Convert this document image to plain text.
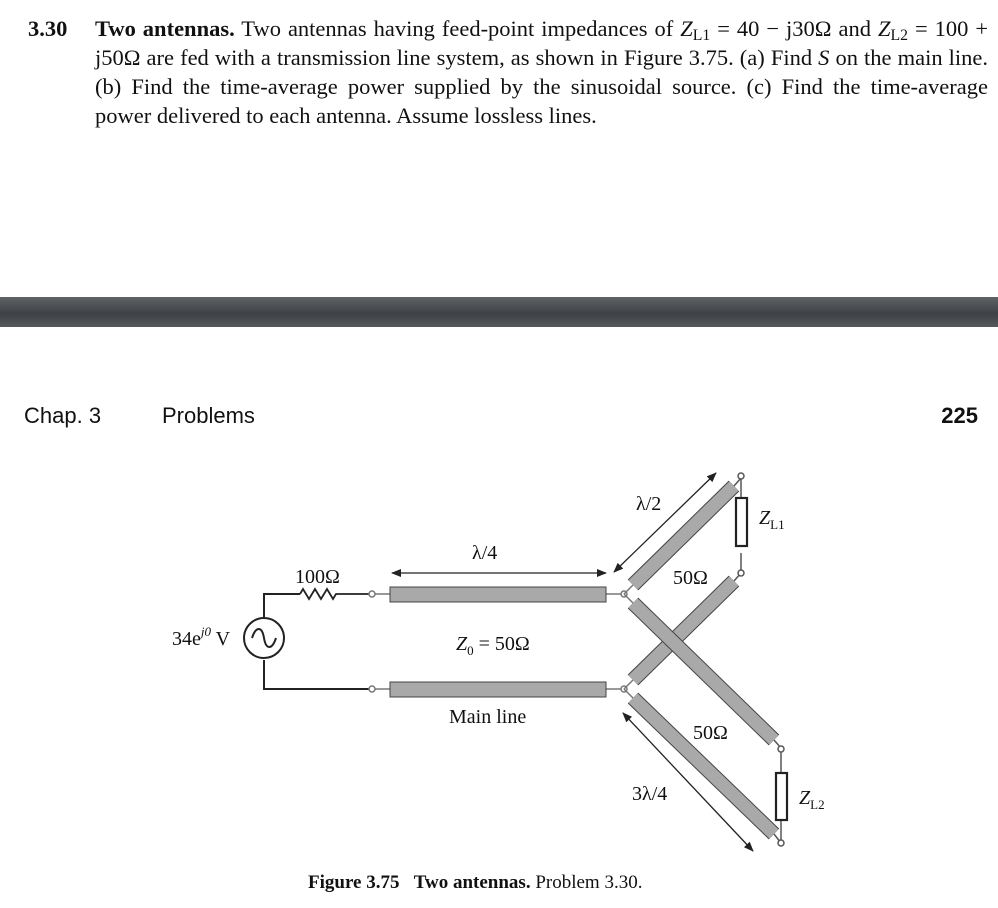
3.30 Two antennas. Two antennas having feed-point impedances of $Z_{L1} = 40 - j30\Omega$ and $Z_{L2} = 100 + j50\Omega$ are fed with a transmission line system, as shown in Figure 3.75. (a) Find S on the main line. (b) Find the time-average power supplied by the sinusoidal source. (c) Find the time-average power delivered to each antenna. Assume lossless lines.
Chap. 3	Problems	225
$34e^{j0}$ V
100Ω
λ/4
$Z_0 = 50\Omega$
Main line
λ/2
50Ω
$Z_{L1}$
50Ω
3λ/4	$Z_{L2}$
Figure 3.75 Two antennas. Problem 3.30.
